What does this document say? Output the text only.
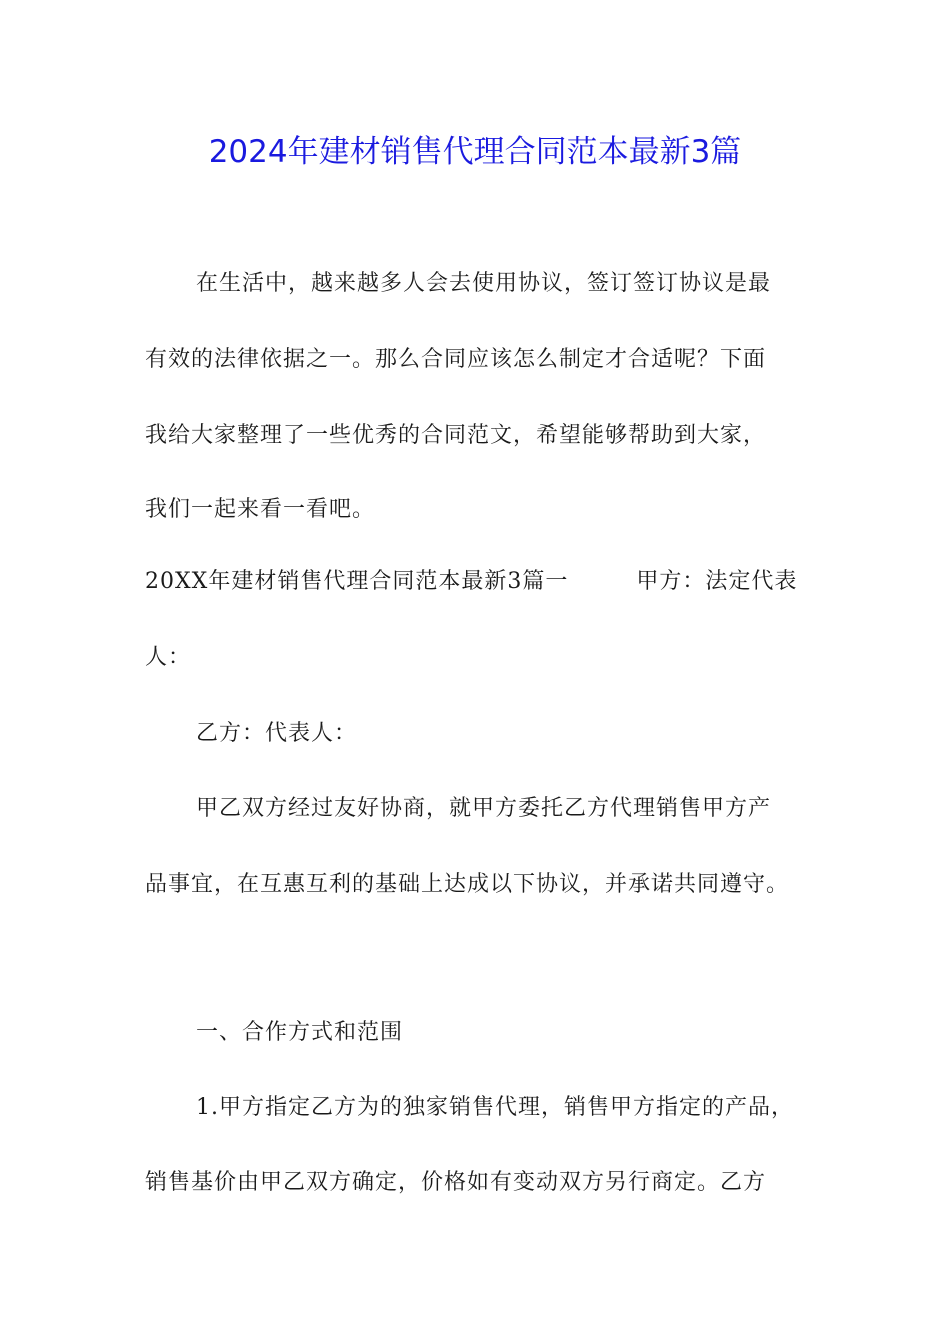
2024年建材销售代理合同范本最新3篇
在生活中，越来越多人会去使用协议，签订签订协议是最
有效的法律依据之一。那么合同应该怎么制定才合适呢？下面
我给大家整理了一些优秀的合同范文，希望能够帮助到大家，
我们一起来看一看吧。
20XX年建材销售代理合同范本最新3篇一	甲方：法定代表
人：
乙方：代表人：
甲乙双方经过友好协商，就甲方委托乙方代理销售甲方产
品事宜，在互惠互利的基础上达成以下协议，并承诺共同遵守。
一、合作方式和范围
1.甲方指定乙方为的独家销售代理，销售甲方指定的产品，
销售基价由甲乙双方确定，价格如有变动双方另行商定。乙方
